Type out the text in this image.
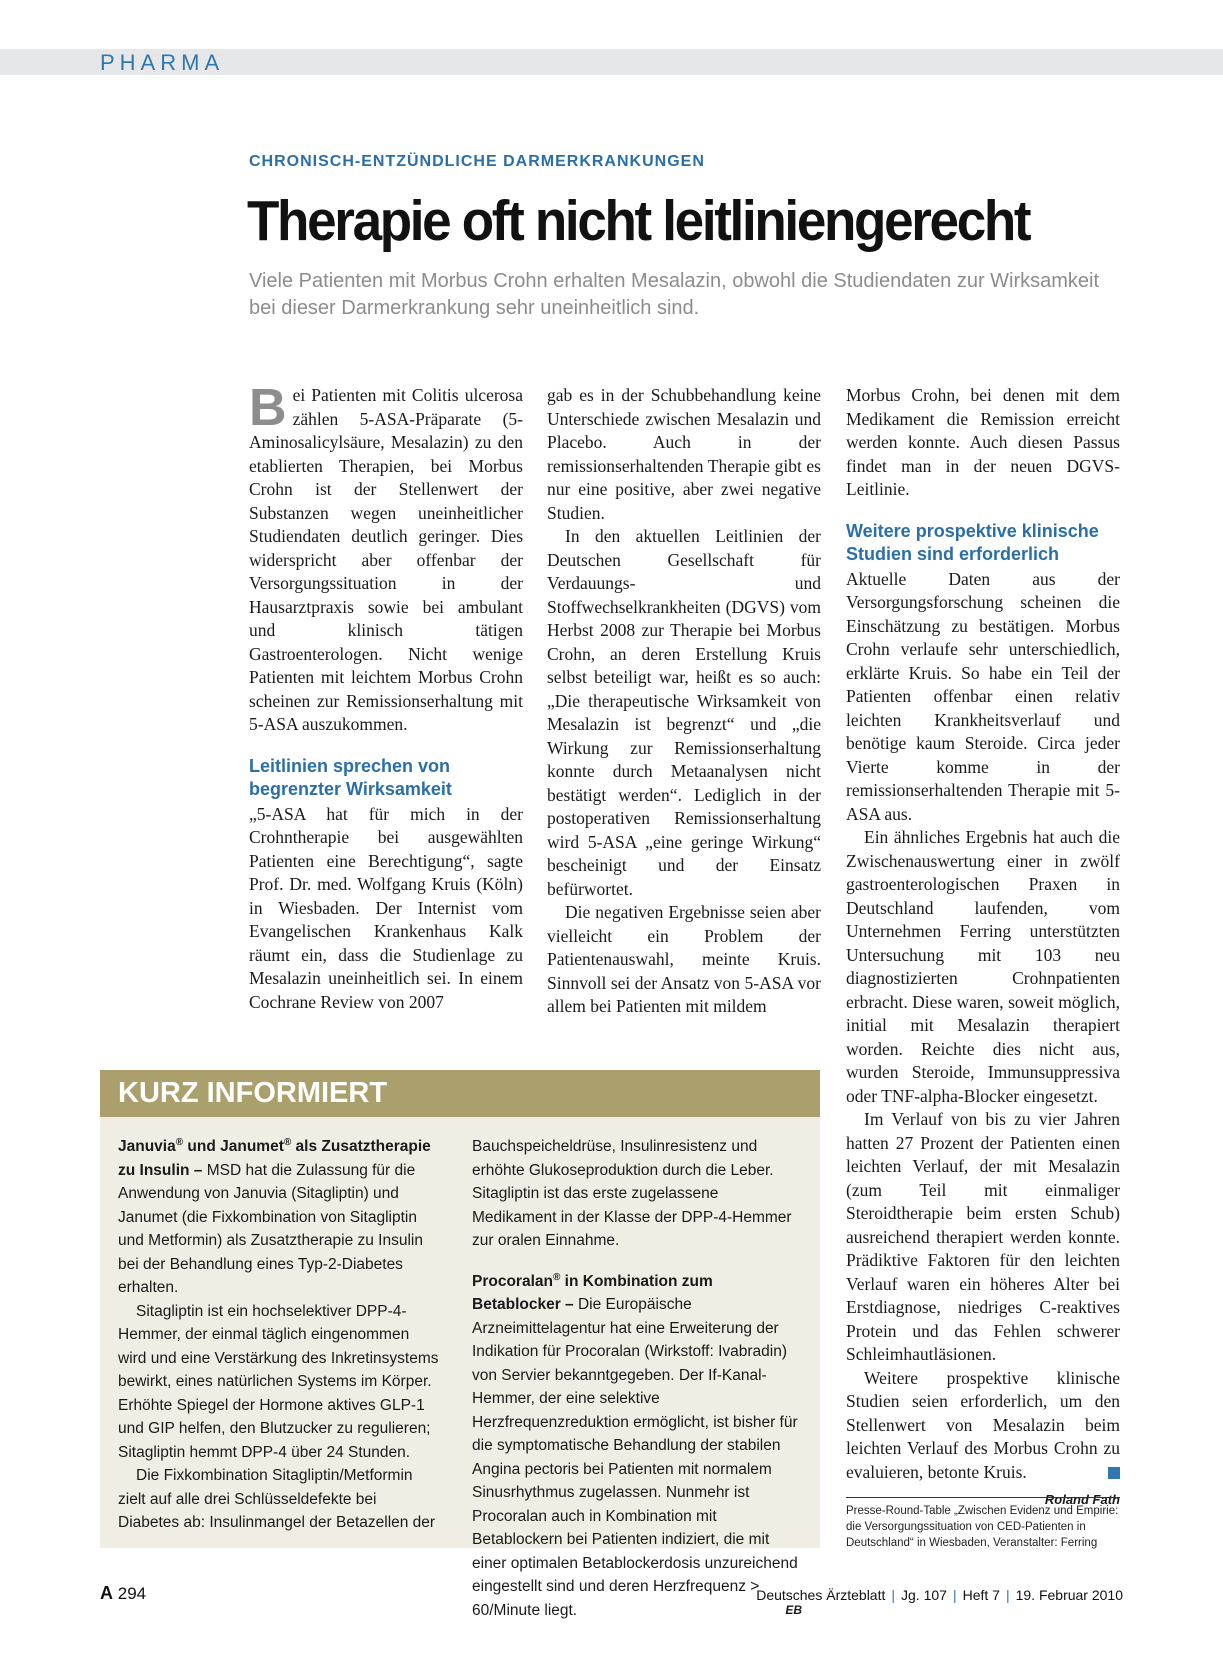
PHARMA
CHRONISCH-ENTZÜNDLICHE DARMERKRANKUNGEN
Therapie oft nicht leitliniengerecht
Viele Patienten mit Morbus Crohn erhalten Mesalazin, obwohl die Studiendaten zur Wirksamkeit bei dieser Darmerkrankung sehr uneinheitlich sind.
B ei Patienten mit Colitis ulcerosa zählen 5-ASA-Präparate (5-Aminosalicylsäure, Mesalazin) zu den etablierten Therapien, bei Morbus Crohn ist der Stellenwert der Substanzen wegen uneinheitlicher Studiendaten deutlich geringer. Dies widerspricht aber offenbar der Versorgungssituation in der Hausarztpraxis sowie bei ambulant und klinisch tätigen Gastroenterologen. Nicht wenige Patienten mit leichtem Morbus Crohn scheinen zur Remissionserhaltung mit 5-ASA auszukommen.

Leitlinien sprechen von begrenzter Wirksamkeit

„5-ASA hat für mich in der Crohntherapie bei ausgewählten Patienten eine Berechtigung“, sagte Prof. Dr. med. Wolfgang Kruis (Köln) in Wiesbaden. Der Internist vom Evangelischen Krankenhaus Kalk räumt ein, dass die Studienlage zu Mesalazin uneinheitlich sei. In einem Cochrane Review von 2007

gab es in der Schubbehandlung keine Unterschiede zwischen Mesalazin und Placebo. Auch in der remissionserhaltenden Therapie gibt es nur eine positive, aber zwei negative Studien.

In den aktuellen Leitlinien der Deutschen Gesellschaft für Verdauungs- und Stoffwechselkrankheiten (DGVS) vom Herbst 2008 zur Therapie bei Morbus Crohn, an deren Erstellung Kruis selbst beteiligt war, heißt es so auch: „Die therapeutische Wirksamkeit von Mesalazin ist begrenzt“ und „die Wirkung zur Remissionserhaltung konnte durch Metaanalysen nicht bestätigt werden“. Lediglich in der postoperativen Remissionserhaltung wird 5-ASA „eine geringe Wirkung“ bescheinigt und der Einsatz befürwortet.

Die negativen Ergebnisse seien aber vielleicht ein Problem der Patientenauswahl, meinte Kruis. Sinnvoll sei der Ansatz von 5-ASA vor allem bei Patienten mit mildem

Morbus Crohn, bei denen mit dem Medikament die Remission erreicht werden konnte. Auch diesen Passus findet man in der neuen DGVS-Leitlinie.

Weitere prospektive klinische Studien sind erforderlich

Aktuelle Daten aus der Versorgungsforschung scheinen die Einschätzung zu bestätigen. Morbus Crohn verlaufe sehr unterschiedlich, erklärte Kruis. So habe ein Teil der Patienten offenbar einen relativ leichten Krankheitsverlauf und benötige kaum Steroide. Circa jeder Vierte komme in der remissionserhaltenden Therapie mit 5-ASA aus.

Ein ähnliches Ergebnis hat auch die Zwischenauswertung einer in zwölf gastroenterologischen Praxen in Deutschland laufenden, vom Unternehmen Ferring unterstützten Untersuchung mit 103 neu diagnostizierten Crohnpatienten erbracht. Diese waren, soweit möglich, initial mit Mesalazin therapiert worden. Reichte dies nicht aus, wurden Steroide, Immunsuppressiva oder TNF-alpha-Blocker eingesetzt.

Im Verlauf von bis zu vier Jahren hatten 27 Prozent der Patienten einen leichten Verlauf, der mit Mesalazin (zum Teil mit einmaliger Steroidtherapie beim ersten Schub) ausreichend therapiert werden konnte. Prädiktive Faktoren für den leichten Verlauf waren ein höheres Alter bei Erstdiagnose, niedriges C-reaktives Protein und das Fehlen schwerer Schleimhautläsionen.

Weitere prospektive klinische Studien seien erforderlich, um den Stellenwert von Mesalazin beim leichten Verlauf des Morbus Crohn zu evaluieren, betonte Kruis.

Roland Fath
Presse-Round-Table „Zwischen Evidenz und Empirie: die Versorgungssituation von CED-Patienten in Deutschland“ in Wiesbaden, Veranstalter: Ferring
KURZ INFORMIERT

Januvia® und Janumet® als Zusatztherapie zu Insulin – MSD hat die Zulassung für die Anwendung von Januvia (Sitagliptin) und Janumet (die Fixkombination von Sitagliptin und Metformin) als Zusatztherapie zu Insulin bei der Behandlung eines Typ-2-Diabetes erhalten.

Sitagliptin ist ein hochselektiver DPP-4-Hemmer, der einmal täglich eingenommen wird und eine Verstärkung des Inkretinsystems bewirkt, eines natürlichen Systems im Körper. Erhöhte Spiegel der Hormone aktives GLP-1 und GIP helfen, den Blutzucker zu regulieren; Sitagliptin hemmt DPP-4 über 24 Stunden.

Die Fixkombination Sitagliptin/Metformin zielt auf alle drei Schlüsseldefekte bei Diabetes ab: Insulinmangel der Betazellen der

Bauchspeicheldrüse, Insulinresistenz und erhöhte Glukoseproduktion durch die Leber. Sitagliptin ist das erste zugelassene Medikament in der Klasse der DPP-4-Hemmer zur oralen Einnahme.

Procoralan® in Kombination zum Betablocker – Die Europäische Arzneimittelagentur hat eine Erweiterung der Indikation für Procoralan (Wirkstoff: Ivabradin) von Servier bekanntgegeben. Der If-Kanal-Hemmer, der eine selektive Herzfrequenzreduktion ermöglicht, ist bisher für die symptomatische Behandlung der stabilen Angina pectoris bei Patienten mit normalem Sinusrhythmus zugelassen. Nunmehr ist Procoralan auch in Kombination mit Betablockern bei Patienten indiziert, die mit einer optimalen Betablockerdosis unzureichend eingestellt sind und deren Herzfrequenz > 60/Minute liegt.	EB

A 294	Deutsches Ärzteblatt | Jg. 107 | Heft 7 | 19. Februar 2010
